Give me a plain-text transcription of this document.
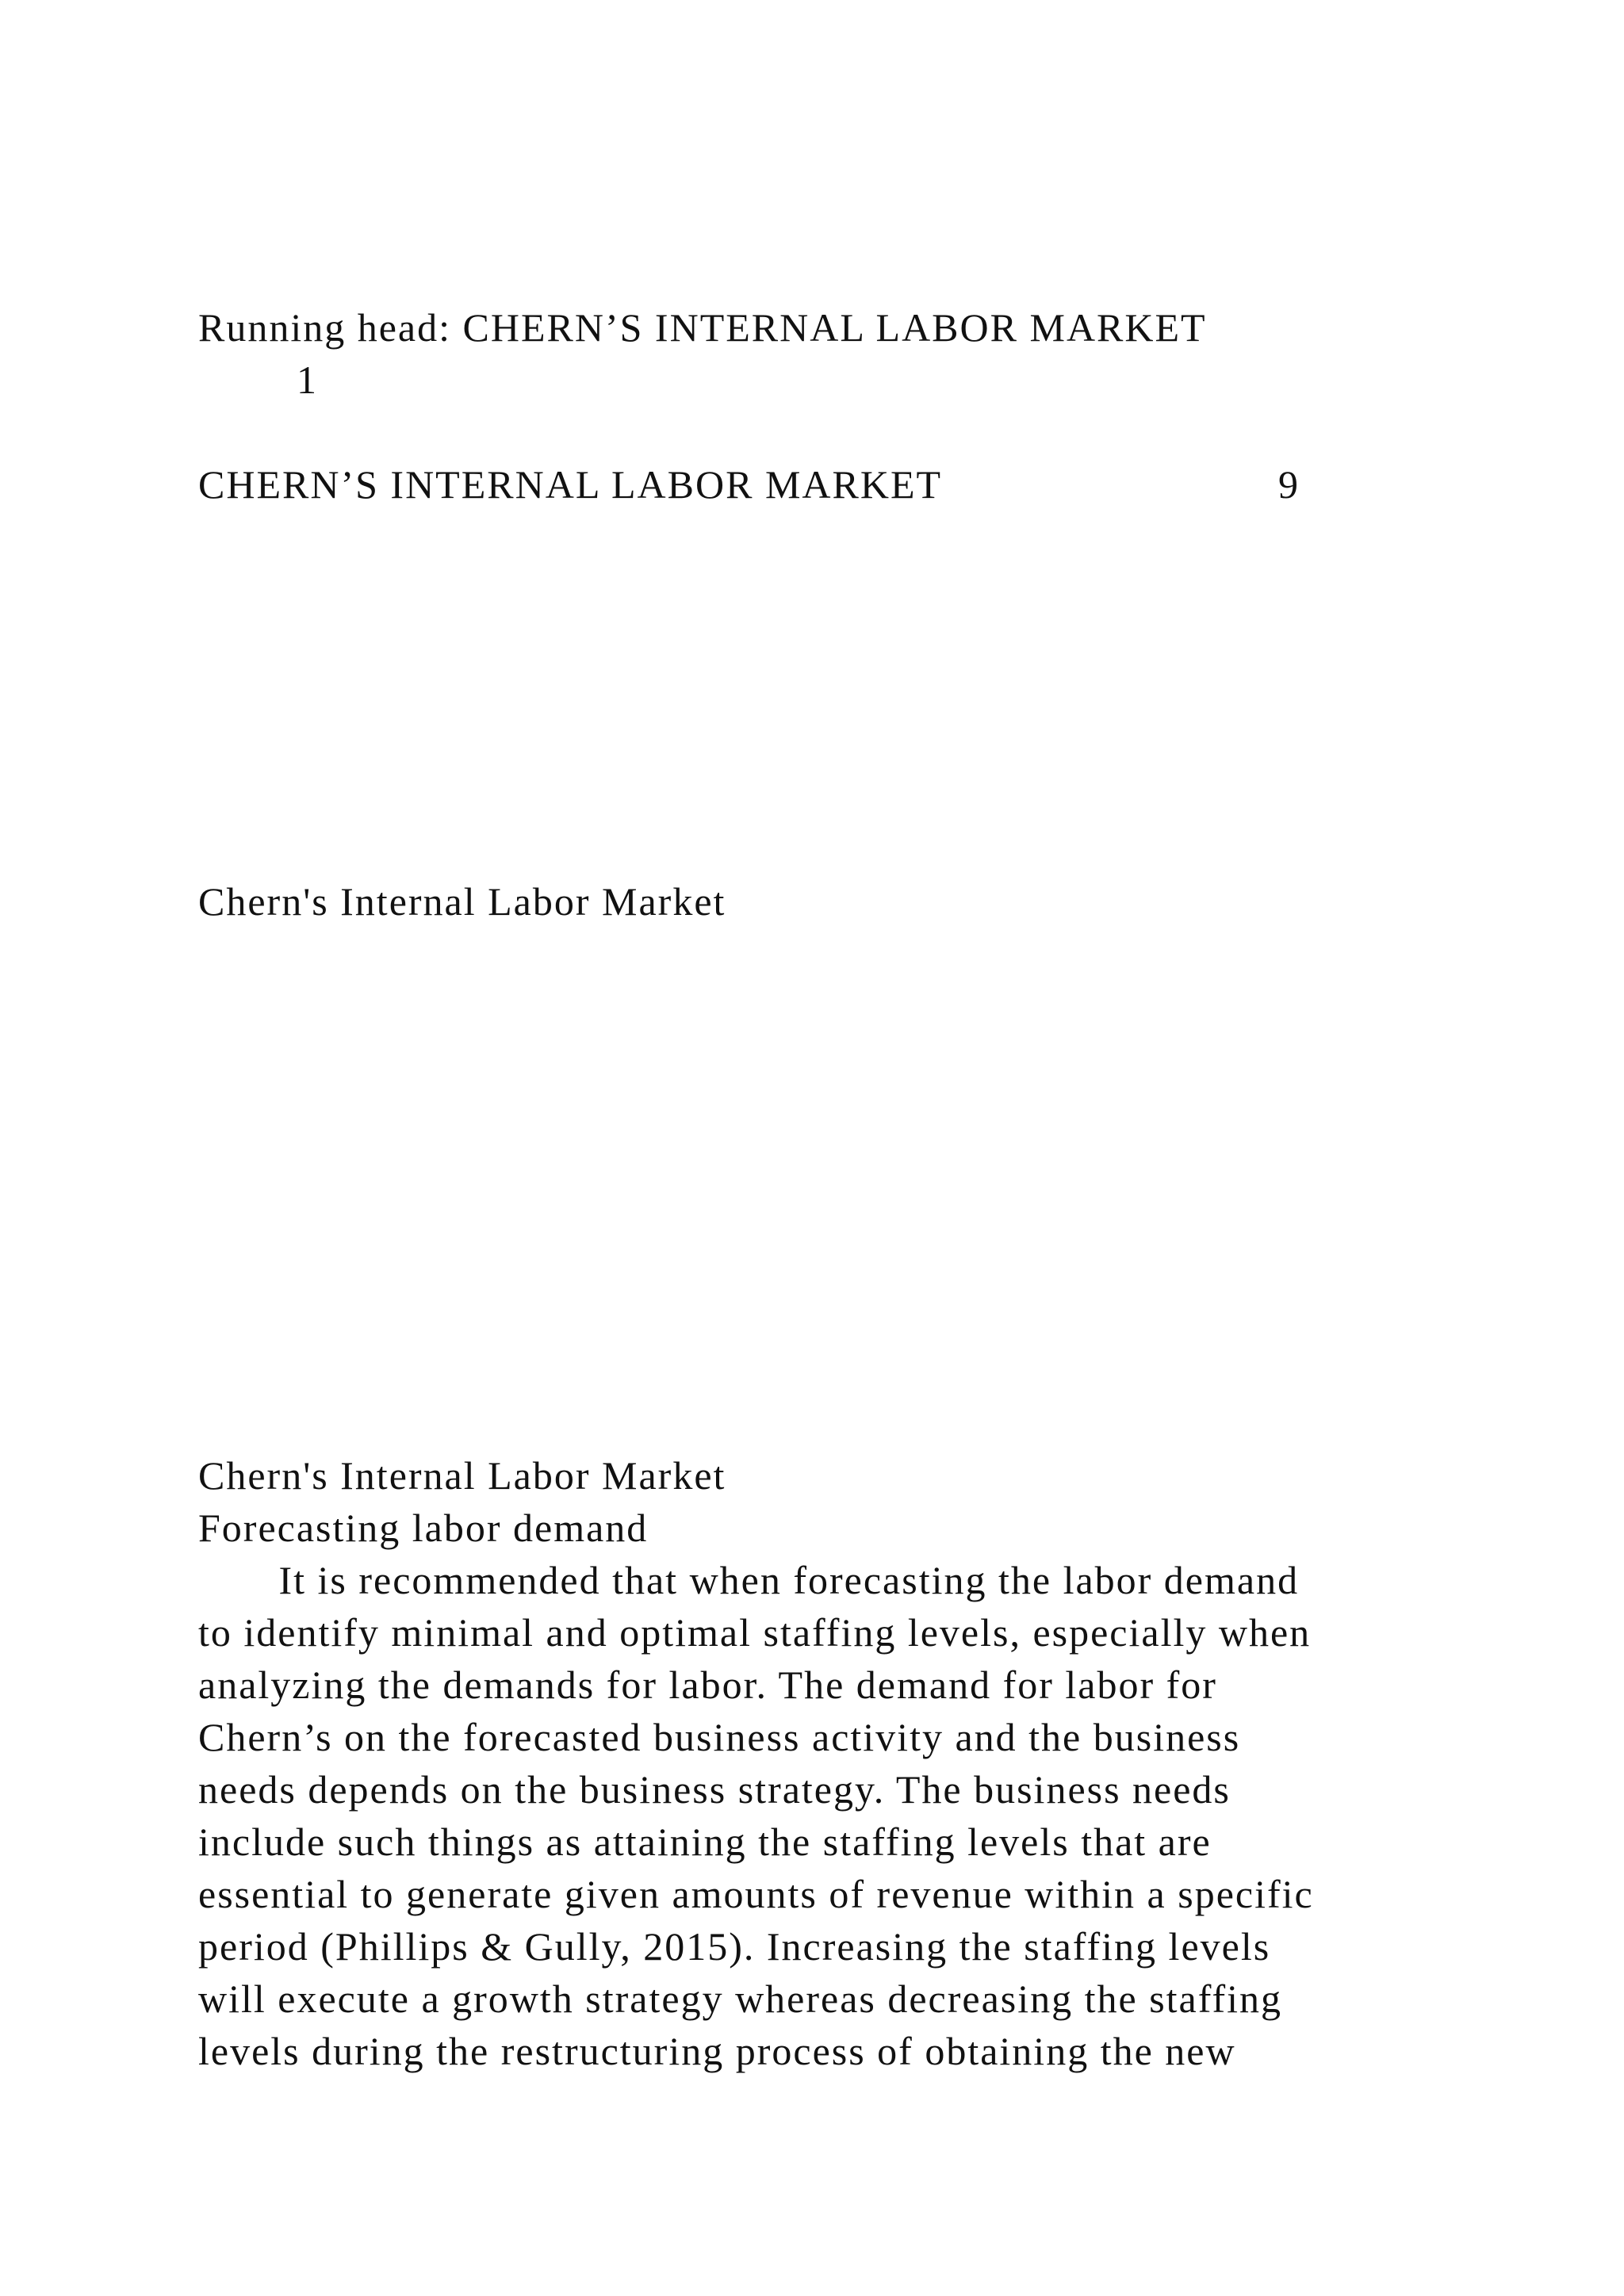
Running head: CHERN’S INTERNAL LABOR MARKET
1
CHERN’S INTERNAL LABOR MARKET	9
Chern's Internal Labor Market
Chern's Internal Labor Market
Forecasting labor demand
It is recommended that when forecasting the labor demand
to identify minimal and optimal staffing levels, especially when
analyzing the demands for labor. The demand for labor for
Chern’s on the forecasted business activity and the business
needs depends on the business strategy. The business needs
include such things as attaining the staffing levels that are
essential to generate given amounts of revenue within a specific
period (Phillips & Gully, 2015). Increasing the staffing levels
will execute a growth strategy whereas decreasing the staffing
levels during the restructuring process of obtaining the new
